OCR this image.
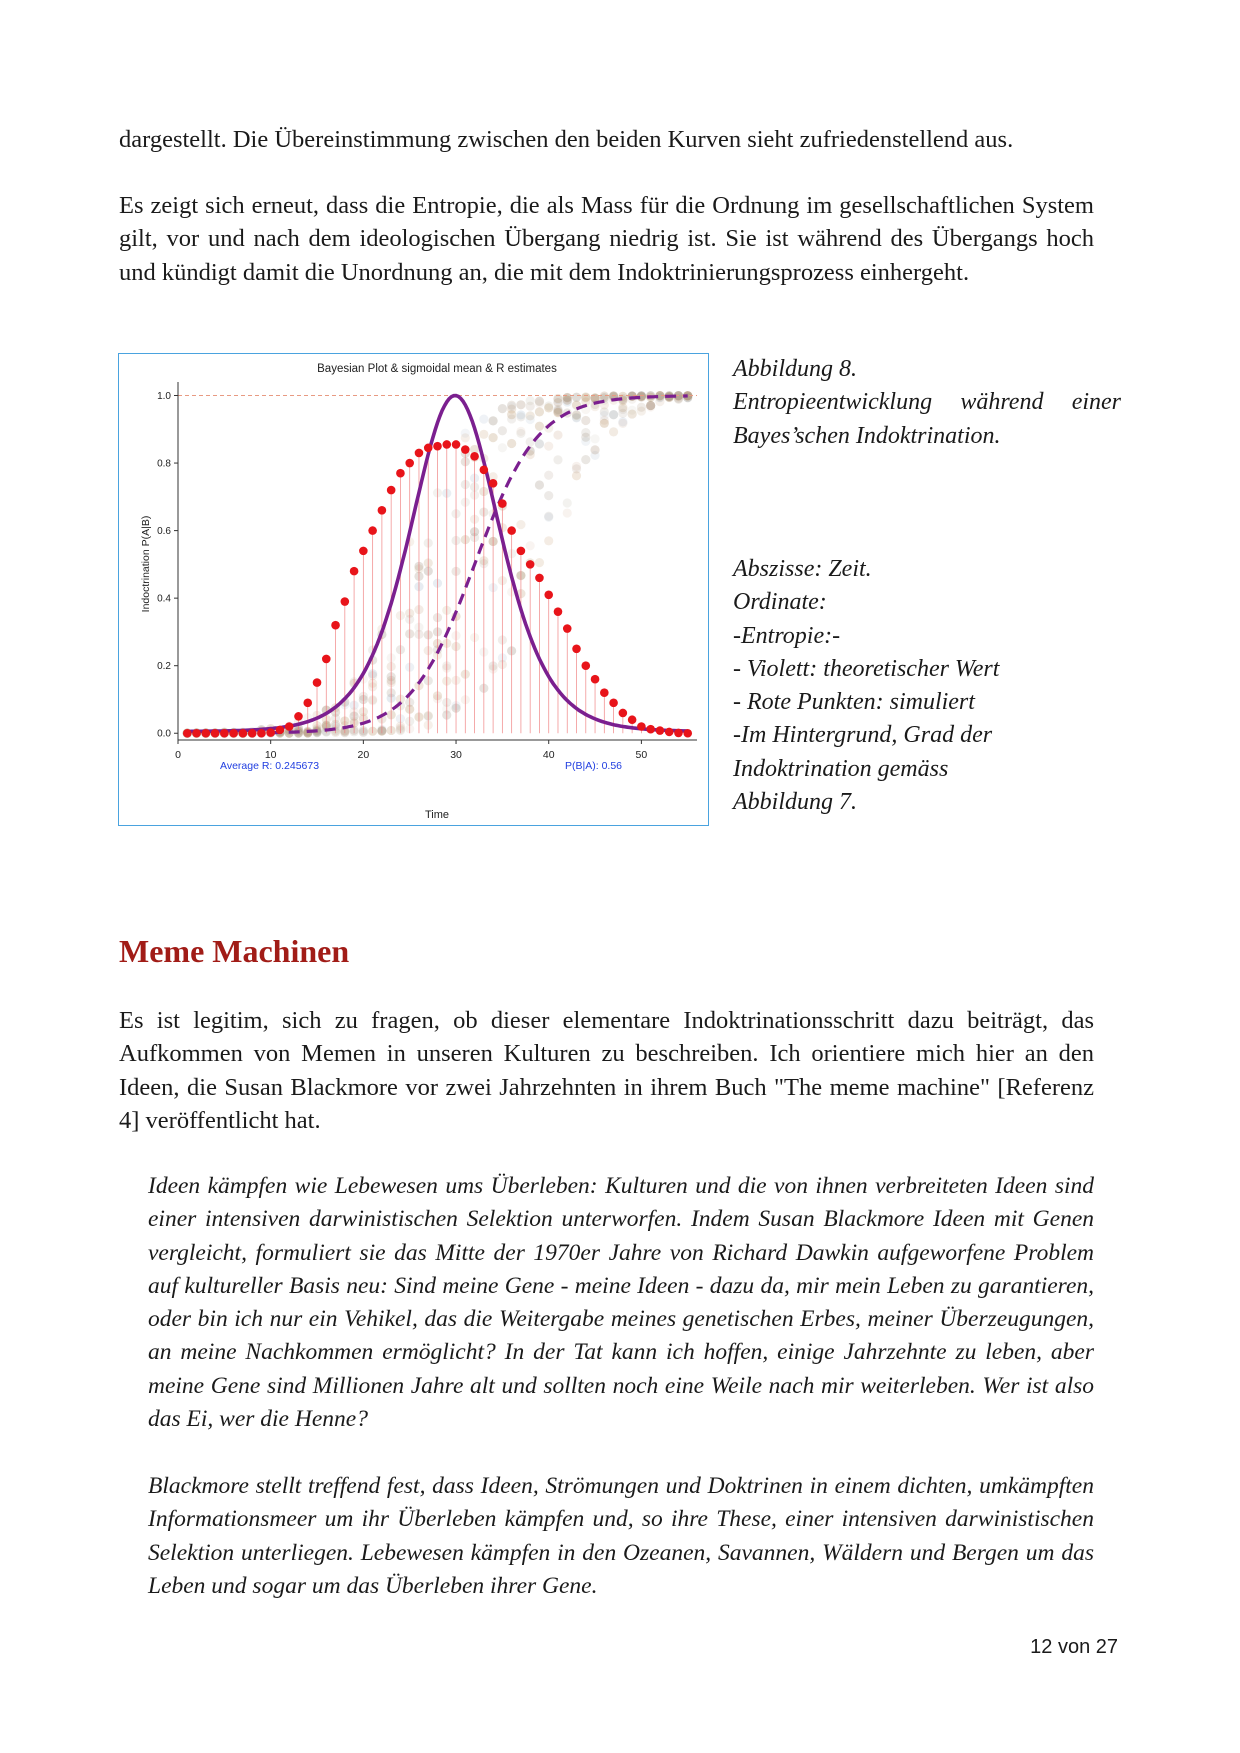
dargestellt. Die Übereinstimmung zwischen den beiden Kurven sieht zufriedenstellend aus.

Es zeigt sich erneut, dass die Entropie, die als Mass für die Ordnung im gesellschaftlichen System gilt, vor und nach dem ideologischen Übergang niedrig ist. Sie ist während des Übergangs hoch und kündigt damit die Unordnung an, die mit dem Indoktrinierungsprozess einhergeht.

Bayesian Plot & sigmoidal mean & R estimates
0	10	20	30	40	50
0.0
0.2
0.4
0.6
0.8
1.0
Average R: 0.245673	P(B|A): 0.56
Time
Indoctrination P(A|B)
Abbildung 8.
Entropieentwicklung während einer
Bayes’schen Indoktrination.
Abszisse: Zeit.
Ordinate:
-Entropie:-
- Violett: theoretischer Wert
- Rote Punkten: simuliert
-Im Hintergrund, Grad der
Indoktrination gemäss
Abbildung 7.
Meme Machinen

Es ist legitim, sich zu fragen, ob dieser elementare Indoktrinationsschritt dazu beiträgt, das Aufkommen von Memen in unseren Kulturen zu beschreiben. Ich orientiere mich hier an den Ideen, die Susan Blackmore vor zwei Jahrzehnten in ihrem Buch "The meme machine" [Referenz 4] veröffentlicht hat.

Ideen kämpfen wie Lebewesen ums Überleben: Kulturen und die von ihnen verbreiteten Ideen sind einer intensiven darwinistischen Selektion unterworfen. Indem Susan Blackmore Ideen mit Genen vergleicht, formuliert sie das Mitte der 1970er Jahre von Richard Dawkin aufgeworfene Problem auf kultureller Basis neu: Sind meine Gene - meine Ideen - dazu da, mir mein Leben zu garantieren, oder bin ich nur ein Vehikel, das die Weitergabe meines genetischen Erbes, meiner Überzeugungen, an meine Nachkommen ermöglicht? In der Tat kann ich hoffen, einige Jahrzehnte zu leben, aber meine Gene sind Millionen Jahre alt und sollten noch eine Weile nach mir weiterleben. Wer ist also das Ei, wer die Henne?

Blackmore stellt treffend fest, dass Ideen, Strömungen und Doktrinen in einem dichten, umkämpften Informationsmeer um ihr Überleben kämpfen und, so ihre These, einer intensiven darwinistischen Selektion unterliegen. Lebewesen kämpfen in den Ozeanen, Savannen, Wäldern und Bergen um das Leben und sogar um das Überleben ihrer Gene.

12 von 27
